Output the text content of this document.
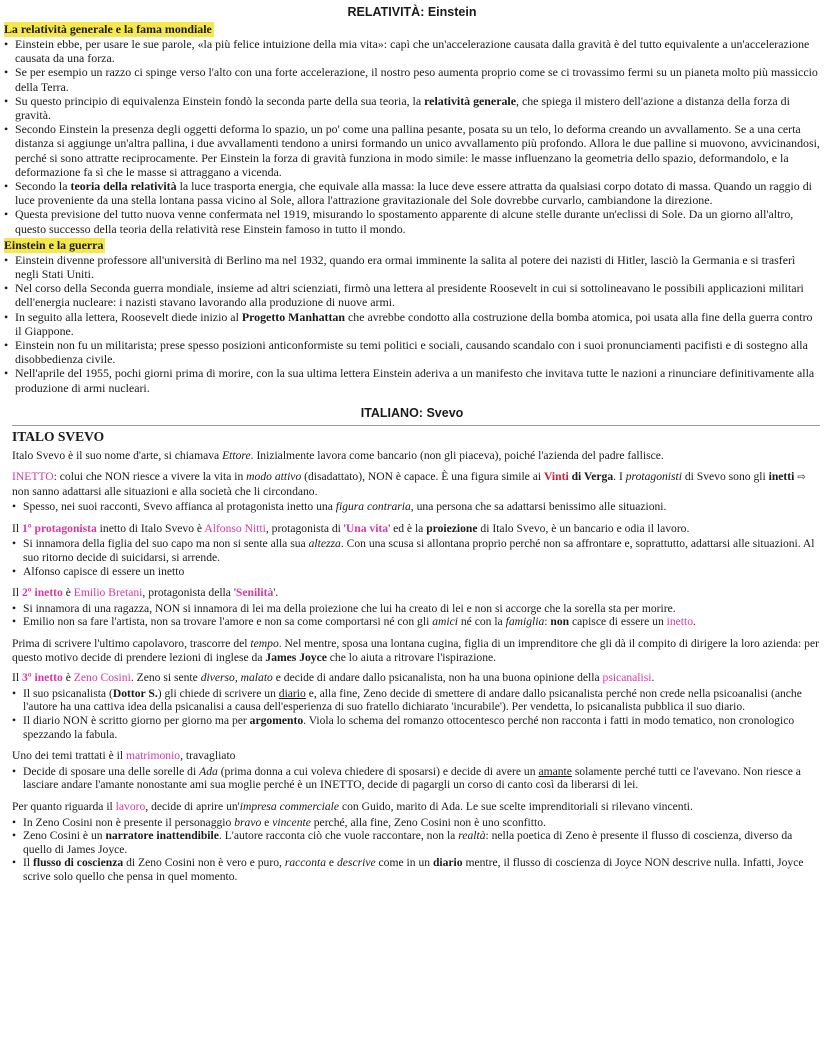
RELATIVITÀ: Einstein
La relatività generale e la fama mondiale
• Einstein ebbe, per usare le sue parole, «la più felice intuizione della mia vita»: capì che un'accelerazione causata dalla gravità è del tutto equivalente a un'accelerazione causata da una forza.
• Se per esempio un razzo ci spinge verso l'alto con una forte accelerazione, il nostro peso aumenta proprio come se ci trovassimo fermi su un pianeta molto più massiccio della Terra.
• Su questo principio di equivalenza Einstein fondò la seconda parte della sua teoria, la relatività generale, che spiega il mistero dell'azione a distanza della forza di gravità.
• Secondo Einstein la presenza degli oggetti deforma lo spazio, un po' come una pallina pesante, posata su un telo, lo deforma creando un avvallamento. Se a una certa distanza si aggiunge un'altra pallina, i due avvallamenti tendono a unirsi formando un unico avvallamento più profondo. Allora le due palline si muovono, avvicinandosi, perché si sono attratte reciprocamente. Per Einstein la forza di gravità funziona in modo simile: le masse influenzano la geometria dello spazio, deformandolo, e la deformazione fa sì che le masse si attraggano a vicenda.
• Secondo la teoria della relatività la luce trasporta energia, che equivale alla massa: la luce deve essere attratta da qualsiasi corpo dotato di massa. Quando un raggio di luce proveniente da una stella lontana passa vicino al Sole, allora l'attrazione gravitazionale del Sole dovrebbe curvarlo, cambiandone la direzione.
• Questa previsione del tutto nuova venne confermata nel 1919, misurando lo spostamento apparente di alcune stelle durante un'eclissi di Sole. Da un giorno all'altro, questo successo della teoria della relatività rese Einstein famoso in tutto il mondo.
Einstein e la guerra
• Einstein divenne professore all'università di Berlino ma nel 1932, quando era ormai imminente la salita al potere dei nazisti di Hitler, lasciò la Germania e si trasferì negli Stati Uniti.
• Nel corso della Seconda guerra mondiale, insieme ad altri scienziati, firmò una lettera al presidente Roosevelt in cui si sottolineavano le possibili applicazioni militari dell'energia nucleare: i nazisti stavano lavorando alla produzione di nuove armi.
• In seguito alla lettera, Roosevelt diede inizio al Progetto Manhattan che avrebbe condotto alla costruzione della bomba atomica, poi usata alla fine della guerra contro il Giappone.
• Einstein non fu un militarista; prese spesso posizioni anticonformiste su temi politici e sociali, causando scandalo con i suoi pronunciamenti pacifisti e di sostegno alla disobbedienza civile.
• Nell'aprile del 1955, pochi giorni prima di morire, con la sua ultima lettera Einstein aderiva a un manifesto che invitava tutte le nazioni a rinunciare definitivamente alla produzione di armi nucleari.
ITALIANO: Svevo
ITALO SVEVO

Italo Svevo è il suo nome d'arte, si chiamava Ettore. Inizialmente lavora come bancario (non gli piaceva), poiché l'azienda del padre fallisce.

INETTO: colui che NON riesce a vivere la vita in modo attivo (disadattato), NON è capace. È una figura simile ai Vinti di Verga. I protagonisti di Svevo sono gli inetti ⇨ non sanno adattarsi alle situazioni e alla società che li circondano.

• Spesso, nei suoi racconti, Svevo affianca al protagonista inetto una figura contraria, una persona che sa adattarsi benissimo alle situazioni.

Il 1º protagonista inetto di Italo Svevo è Alfonso Nitti, protagonista di 'Una vita' ed è la proiezione di Italo Svevo, è un bancario e odia il lavoro.

• Si innamora della figlia del suo capo ma non si sente alla sua altezza. Con una scusa si allontana proprio perché non sa affrontare e, soprattutto, adattarsi alle situazioni. Al suo ritorno decide di suicidarsi, si arrende.
• Alfonso capisce di essere un inetto

Il 2º inetto è Emilio Bretani, protagonista della 'Senilità'.

• Si innamora di una ragazza, NON si innamora di lei ma della proiezione che lui ha creato di lei e non si accorge che la sorella sta per morire.
• Emilio non sa fare l'artista, non sa trovare l'amore e non sa come comportarsi né con gli amici né con la famiglia: non capisce di essere un inetto.

Prima di scrivere l'ultimo capolavoro, trascorre del tempo. Nel mentre, sposa una lontana cugina, figlia di un imprenditore che gli dà il compito di dirigere la loro azienda: per questo motivo decide di prendere lezioni di inglese da James Joyce che lo aiuta a ritrovare l'ispirazione.

Il 3º inetto è Zeno Cosini. Zeno si sente diverso, malato e decide di andare dallo psicanalista, non ha una buona opinione della psicanalisi.

• Il suo psicanalista (Dottor S.) gli chiede di scrivere un diario e, alla fine, Zeno decide di smettere di andare dallo psicanalista perché non crede nella psicoanalisi (anche l'autore ha una cattiva idea della psicanalisi a causa dell'esperienza di suo fratello dichiarato 'incurabile'). Per vendetta, lo psicanalista pubblica il suo diario.
• Il diario NON è scritto giorno per giorno ma per argomento. Viola lo schema del romanzo ottocentesco perché non racconta i fatti in modo tematico, non cronologico spezzando la fabula.

Uno dei temi trattati è il matrimonio, travagliato

• Decide di sposare una delle sorelle di Ada (prima donna a cui voleva chiedere di sposarsi) e decide di avere un amante solamente perché tutti ce l'avevano. Non riesce a lasciare andare l'amante nonostante ami sua moglie perché è un INETTO, decide di pagargli un corso di canto così da liberarsi di lei.

Per quanto riguarda il lavoro, decide di aprire un'impresa commerciale con Guido, marito di Ada. Le sue scelte imprenditoriali si rilevano vincenti.

• In Zeno Cosini non è presente il personaggio bravo e vincente perché, alla fine, Zeno Cosini non è uno sconfitto.
• Zeno Cosini è un narratore inattendibile. L'autore racconta ciò che vuole raccontare, non la realtà: nella poetica di Zeno è presente il flusso di coscienza, diverso da quello di James Joyce.
• Il flusso di coscienza di Zeno Cosini non è vero e puro, racconta e descrive come in un diario mentre, il flusso di coscienza di Joyce NON descrive nulla. Infatti, Joyce scrive solo quello che pensa in quel momento.
